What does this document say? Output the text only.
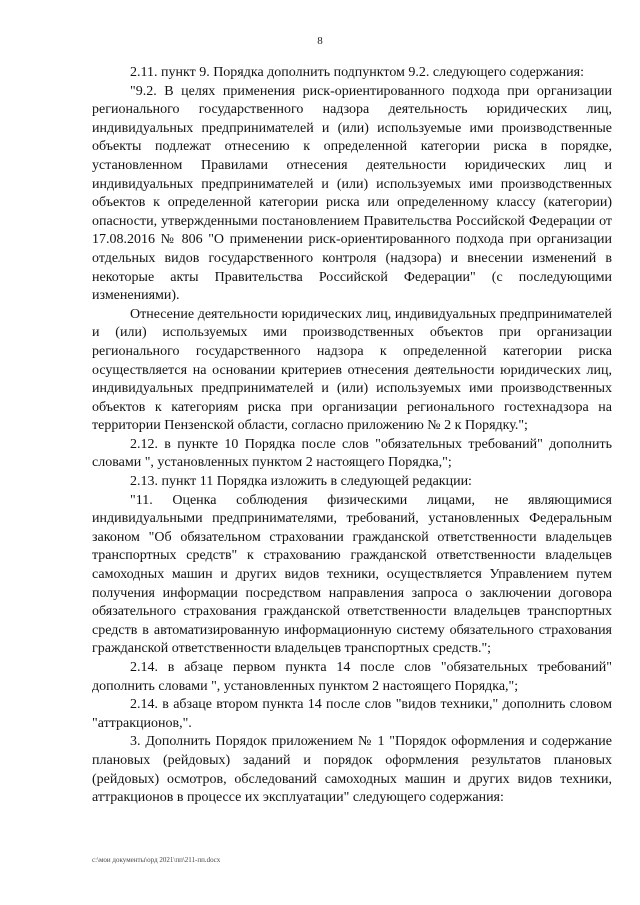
8

2.11. пункт 9. Порядка дополнить подпунктом 9.2. следующего содержания:

"9.2. В целях применения риск-ориентированного подхода при организации регионального государственного надзора деятельность юридических лиц, индивидуальных предпринимателей и (или) используемые ими производственные объекты подлежат отнесению к определенной категории риска в порядке, установленном Правилами отнесения деятельности юридических лиц и индивидуальных предпринимателей и (или) используемых ими производственных объектов к определенной категории риска или определенному классу (категории) опасности, утвержденными постановлением Правительства Российской Федерации от 17.08.2016 № 806 "О применении риск-ориентированного подхода при организации отдельных видов государственного контроля (надзора) и внесении изменений в некоторые акты Правительства Российской Федерации" (с последующими изменениями).

Отнесение деятельности юридических лиц, индивидуальных предпринимателей и (или) используемых ими производственных объектов при организации регионального государственного надзора к определенной категории риска осуществляется на основании критериев отнесения деятельности юридических лиц, индивидуальных предпринимателей и (или) используемых ими производственных объектов к категориям риска при организации регионального гостехнадзора на территории Пензенской области, согласно приложению № 2 к Порядку.";

2.12. в пункте 10 Порядка после слов "обязательных требований" дополнить словами ", установленных пунктом 2 настоящего Порядка,";

2.13. пункт 11 Порядка изложить в следующей редакции:

"11. Оценка соблюдения физическими лицами, не являющимися индивидуальными предпринимателями, требований, установленных Федеральным законом "Об обязательном страховании гражданской ответственности владельцев транспортных средств" к страхованию гражданской ответственности владельцев самоходных машин и других видов техники, осуществляется Управлением путем получения информации посредством направления запроса о заключении договора обязательного страхования гражданской ответственности владельцев транспортных средств в автоматизированную информационную систему обязательного страхования гражданской ответственности владельцев транспортных средств.";

2.14. в абзаце первом пункта 14 после слов "обязательных требований" дополнить словами ", установленных пунктом 2 настоящего Порядка,";

2.14. в абзаце втором пункта 14 после слов "видов техники," дополнить словом "аттракционов,".

3. Дополнить Порядок приложением № 1 "Порядок оформления и содержание плановых (рейдовых) заданий и порядок оформления результатов плановых (рейдовых) осмотров, обследований самоходных машин и других видов техники, аттракционов в процессе их эксплуатации" следующего содержания:

c:\мои документы\орд 2021\пп\211-пп.docx
